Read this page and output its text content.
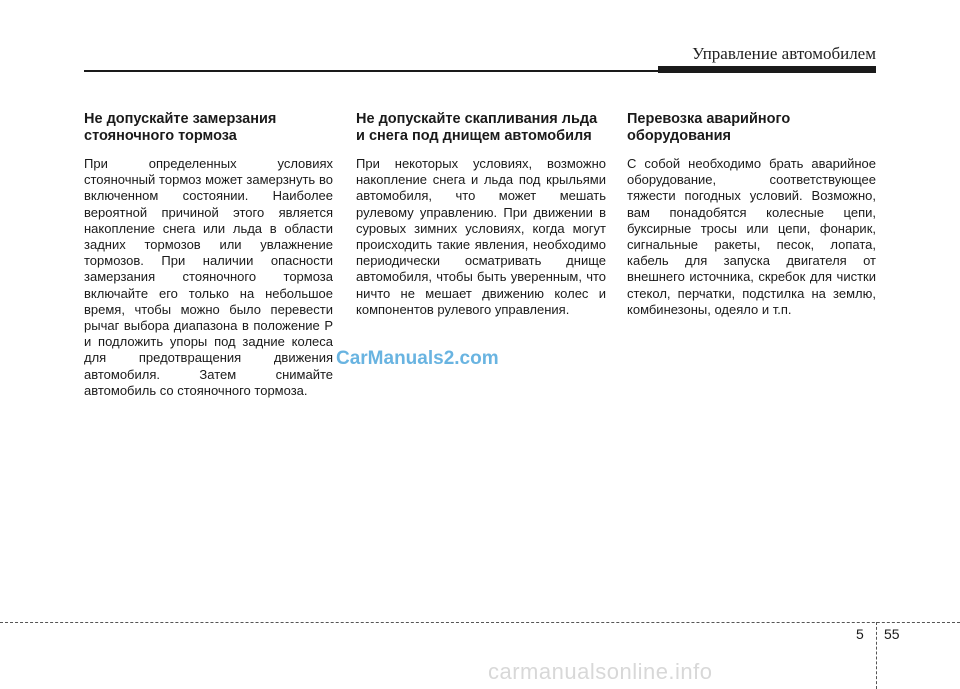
Управление автомобилем
Не допускайте замерзания стояночного тормоза

При определенных условиях стояночный тормоз может замерзнуть во включенном состоянии. Наиболее вероятной причиной этого является накопление снега или льда в области задних тормозов или увлажнение тормозов. При наличии опасности замерзания стояночного тормоза включайте его только на небольшое время, чтобы можно было перевести рычаг выбора диапазона в положение P и подложить упоры под задние колеса для предотвращения движения автомобиля. Затем снимайте автомобиль со стояночного тормоза.

Не допускайте скапливания льда и снега под днищем автомобиля

При некоторых условиях, возможно накопление снега и льда под крыльями автомобиля, что может мешать рулевому управлению. При движении в суровых зимних условиях, когда могут происходить такие явления, необходимо периодически осматривать днище автомобиля, чтобы быть уверенным, что ничто не мешает движению колес и компонентов рулевого управления.

Перевозка аварийного оборудования

С собой необходимо брать аварийное оборудование, соответствующее тяжести погодных условий. Возможно, вам понадобятся колесные цепи, буксирные тросы или цепи, фонарик, сигнальные ракеты, песок, лопата, кабель для запуска двигателя от внешнего источника, скребок для чистки стекол, перчатки, подстилка на землю, комбинезоны, одеяло и т.п.

CarManuals2.com
5 55
carmanualsonline.info
